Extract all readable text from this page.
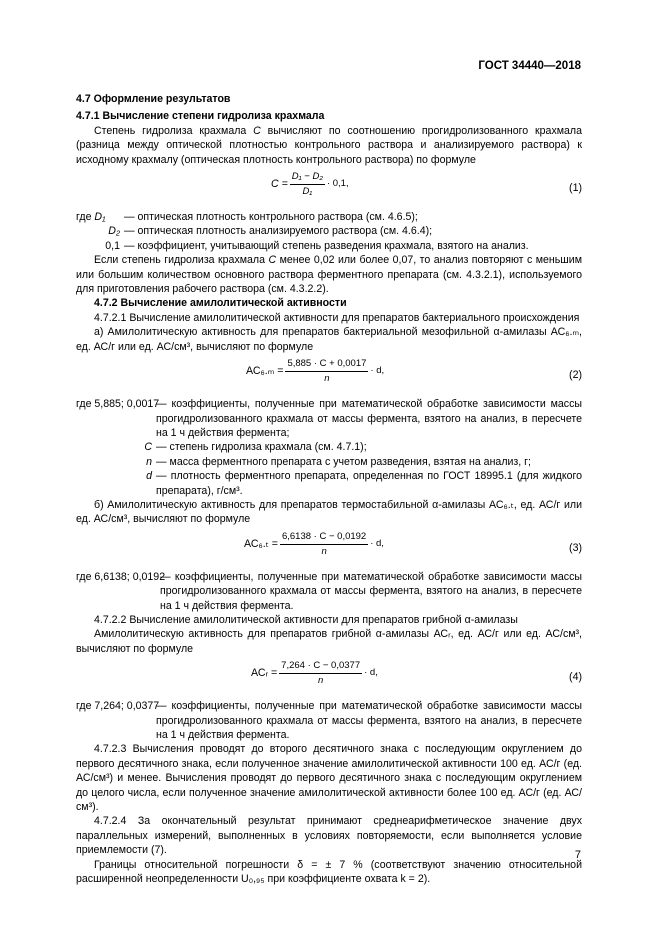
ГОСТ 34440—2018

4.7 Оформление результатов

4.7.1 Вычисление степени гидролиза крахмала

Степень гидролиза крахмала C вычисляют по соотношению прогидролизованного крахмала (разница между оптической плотностью контрольного раствора и анализируемого раствора) к исходному крахмалу (оптическая плотность контрольного раствора) по формуле

$C = \frac{\text{D₁ − D₂}}{\text{D₁}} \cdot 0,1$,	(1)
где D₁	— оптическая плотность контрольного раствора (см. 4.6.5);
D₂ — оптическая плотность анализируемого раствора (см. 4.6.4);
0,1 — коэффициент, учитывающий степень разведения крахмала, взятого на анализ.

Если степень гидролиза крахмала C менее 0,02 или более 0,07, то анализ повторяют с меньшим или большим количеством основного раствора ферментного препарата (см. 4.3.2.1), используемого для приготовления рабочего раствора (см. 4.3.2.2).

4.7.2 Вычисление амилолитической активности

4.7.2.1 Вычисление амилолитической активности для препаратов бактериального происхождения

а) Амилолитическую активность для препаратов бактериальной мезофильной α-амилазы АС₆.ₘ, ед. АС/г или ед. АС/см³, вычисляют по формуле

$АС_6._m = \frac{5,885 \cdot C + 0,0017}{n} \cdot d$,	(2)
где 5,885; 0,0017
— коэффициенты, полученные при математической обработке зависимости массы прогидролизованного крахмала от массы фермента, взятого на анализ, в пересчете на 1 ч действия фермента;
C — степень гидролиза крахмала (см. 4.7.1);
n — масса ферментного препарата с учетом разведения, взятая на анализ, г;
d — плотность ферментного препарата, определенная по ГОСТ 18995.1 (для жидкого препарата), г/см³.

б) Амилолитическую активность для препаратов термостабильной α-амилазы АС₆.ₜ, ед. АС/г или ед. АС/см³, вычисляют по формуле

$АС_6._t = \frac{6,6138 \cdot C - 0,0192}{n} \cdot d$,	(3)
где 6,6138; 0,0192
— коэффициенты, полученные при математической обработке зависимости массы прогидролизованного крахмала от массы фермента, взятого на анализ, в пересчете на 1 ч действия фермента.

4.7.2.2 Вычисление амилолитической активности для препаратов грибной α-амилазы

Амилолитическую активность для препаратов грибной α-амилазы АСᵣ, ед. АС/г или ед. АС/см³, вычисляют по формуле

АСᵣ = $\frac{7,264 \cdot C - 0,0377}{n} \cdot d$,	(4)
где 7,264; 0,0377
— коэффициенты, полученные при математической обработке зависимости массы прогидролизованного крахмала от массы фермента, взятого на анализ, в пересчете на 1 ч действия фермента.

4.7.2.3 Вычисления проводят до второго десятичного знака с последующим округлением до первого десятичного знака, если полученное значение амилолитической активности 100 ед. АС/г (ед. АС/см³) и менее. Вычисления проводят до первого десятичного знака с последующим округлением до целого числа, если полученное значение амилолитической активности более 100 ед. АС/г (ед. АС/см³).

4.7.2.4 За окончательный результат принимают среднеарифметическое значение двух параллельных измерений, выполненных в условиях повторяемости, если выполняется условие приемлемости (7).

Границы относительной погрешности δ = ± 7 % (соответствуют значению относительной расширенной неопределенности U₀,₉₅ при коэффициенте охвата k = 2).

7
